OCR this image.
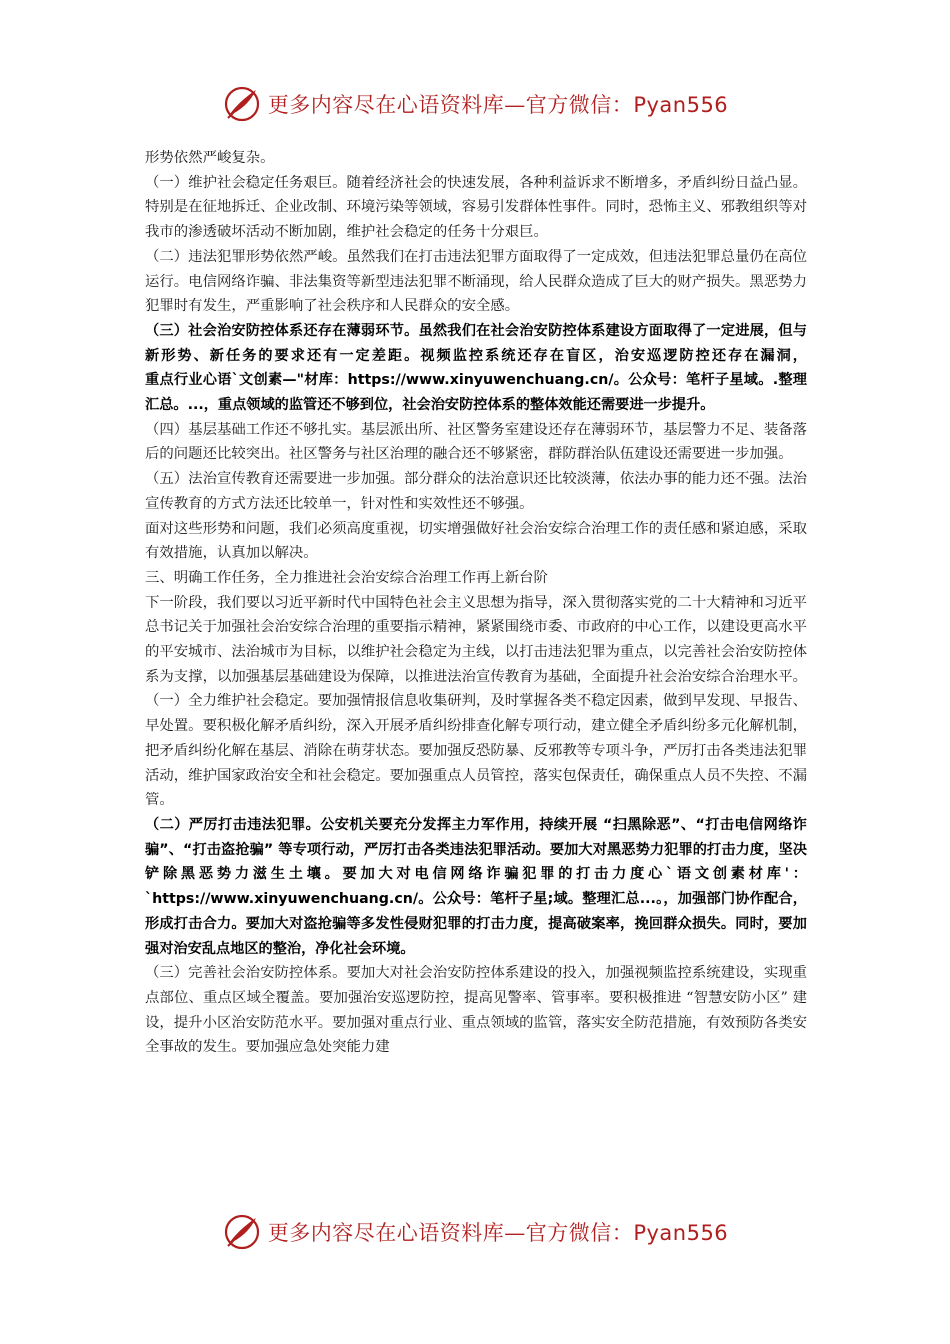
更多内容尽在心语资料库—官方微信：Pyan556

形势依然严峻复杂。

（一）维护社会稳定任务艰巨。随着经济社会的快速发展，各种利益诉求不断增多，矛盾纠纷日益凸显。特别是在征地拆迁、企业改制、环境污染等领域，容易引发群体性事件。同时，恐怖主义、邪教组织等对我市的渗透破坏活动不断加剧，维护社会稳定的任务十分艰巨。

（二）违法犯罪形势依然严峻。虽然我们在打击违法犯罪方面取得了一定成效，但违法犯罪总量仍在高位运行。电信网络诈骗、非法集资等新型违法犯罪不断涌现，给人民群众造成了巨大的财产损失。黑恶势力犯罪时有发生，严重影响了社会秩序和人民群众的安全感。

（三）社会治安防控体系还存在薄弱环节。虽然我们在社会治安防控体系建设方面取得了一定进展，但与新形势、新任务的要求还有一定差距。视频监控系统还存在盲区，治安巡逻防控还存在漏洞，

重点行业心语`文创素—"材库：https://www.xinyuwenchuang.cn/。公众号：笔杆子星域。.整理汇总。...，重点领域的监管还不够到位，社会治安防控体系的整体效能还需要进一步提升。

（四）基层基础工作还不够扎实。基层派出所、社区警务室建设还存在薄弱环节，基层警力不足、装备落后的问题还比较突出。社区警务与社区治理的融合还不够紧密，群防群治队伍建设还需要进一步加强。

（五）法治宣传教育还需要进一步加强。部分群众的法治意识还比较淡薄，依法办事的能力还不强。法治宣传教育的方式方法还比较单一，针对性和实效性还不够强。

面对这些形势和问题，我们必须高度重视，切实增强做好社会治安综合治理工作的责任感和紧迫感，采取有效措施，认真加以解决。

三、明确工作任务，全力推进社会治安综合治理工作再上新台阶

下一阶段，我们要以习近平新时代中国特色社会主义思想为指导，深入贯彻落实党的二十大精神和习近平总书记关于加强社会治安综合治理的重要指示精神，紧紧围绕市委、市政府的中心工作，以建设更高水平的平安城市、法治城市为目标，以维护社会稳定为主线，以打击违法犯罪为重点，以完善社会治安防控体系为支撑，以加强基层基础建设为保障，以推进法治宣传教育为基础，全面提升社会治安综合治理水平。

（一）全力维护社会稳定。要加强情报信息收集研判，及时掌握各类不稳定因素，做到早发现、早报告、早处置。要积极化解矛盾纠纷，深入开展矛盾纠纷排查化解专项行动，建立健全矛盾纠纷多元化解机制，把矛盾纠纷化解在基层、消除在萌芽状态。要加强反恐防暴、反邪教等专项斗争，严厉打击各类违法犯罪活动，维护国家政治安全和社会稳定。要加强重点人员管控，落实包保责任，确保重点人员不失控、不漏管。

（二）严厉打击违法犯罪。公安机关要充分发挥主力军作用，持续开展 “扫黑除恶”、“打击电信网络诈骗”、“打击盗抢骗” 等专项行动，严厉打击各类违法犯罪活动。要加大对黑恶势力犯罪的打击力度，坚决铲除黑恶势力滋生土壤。要加大对电信网络诈骗犯罪的打击力度心`语文创素材库'：`https://www.xinyuwenchuang.cn/。公众号：笔杆子星;域。整理汇总...。，加强部门协作配合，形成打击合力。要加大对盗抢骗等多发性侵财犯罪的打击力度，提高破案率，挽回群众损失。同时，要加强对治安乱点地区的整治，净化社会环境。

（三）完善社会治安防控体系。要加大对社会治安防控体系建设的投入，加强视频监控系统建设，实现重点部位、重点区域全覆盖。要加强治安巡逻防控，提高见警率、管事率。要积极推进 “智慧安防小区” 建设，提升小区治安防范水平。要加强对重点行业、重点领域的监管，落实安全防范措施，有效预防各类安全事故的发生。要加强应急处突能力建

更多内容尽在心语资料库—官方微信：Pyan556
